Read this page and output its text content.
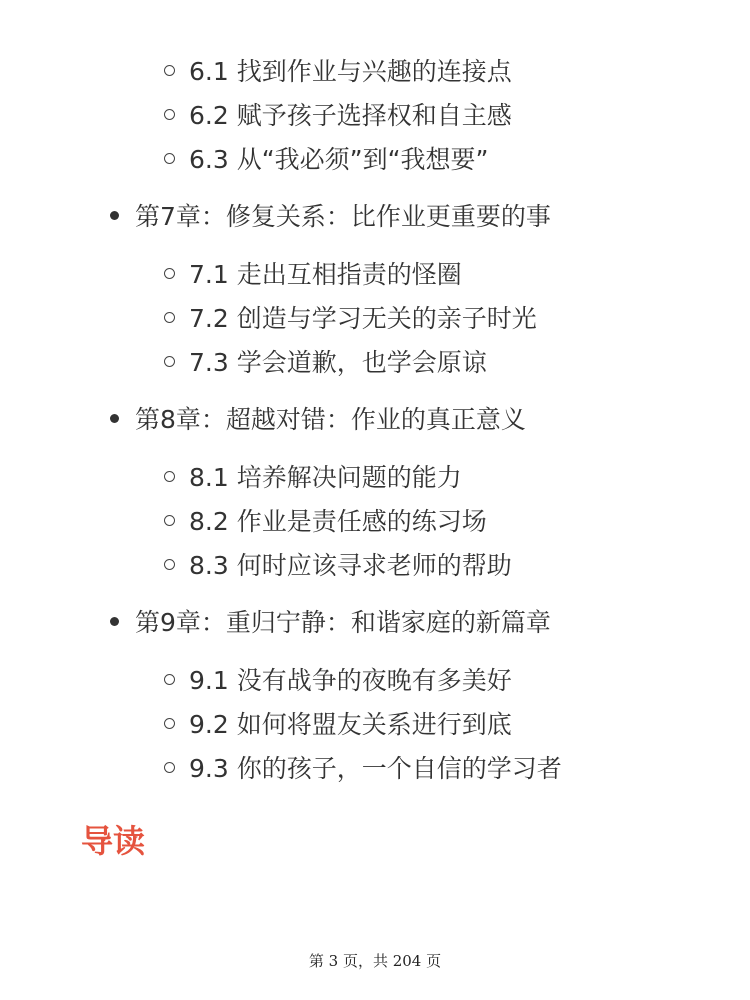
6.1 找到作业与兴趣的连接点
6.2 赋予孩子选择权和自主感
6.3 从“我必须”到“我想要”
第7章：修复关系：比作业更重要的事
7.1 走出互相指责的怪圈
7.2 创造与学习无关的亲子时光
7.3 学会道歉，也学会原谅
第8章：超越对错：作业的真正意义
8.1 培养解决问题的能力
8.2 作业是责任感的练习场
8.3 何时应该寻求老师的帮助
第9章：重归宁静：和谐家庭的新篇章
9.1 没有战争的夜晚有多美好
9.2 如何将盟友关系进行到底
9.3 你的孩子，一个自信的学习者
导读
第 3 页，共 204 页
